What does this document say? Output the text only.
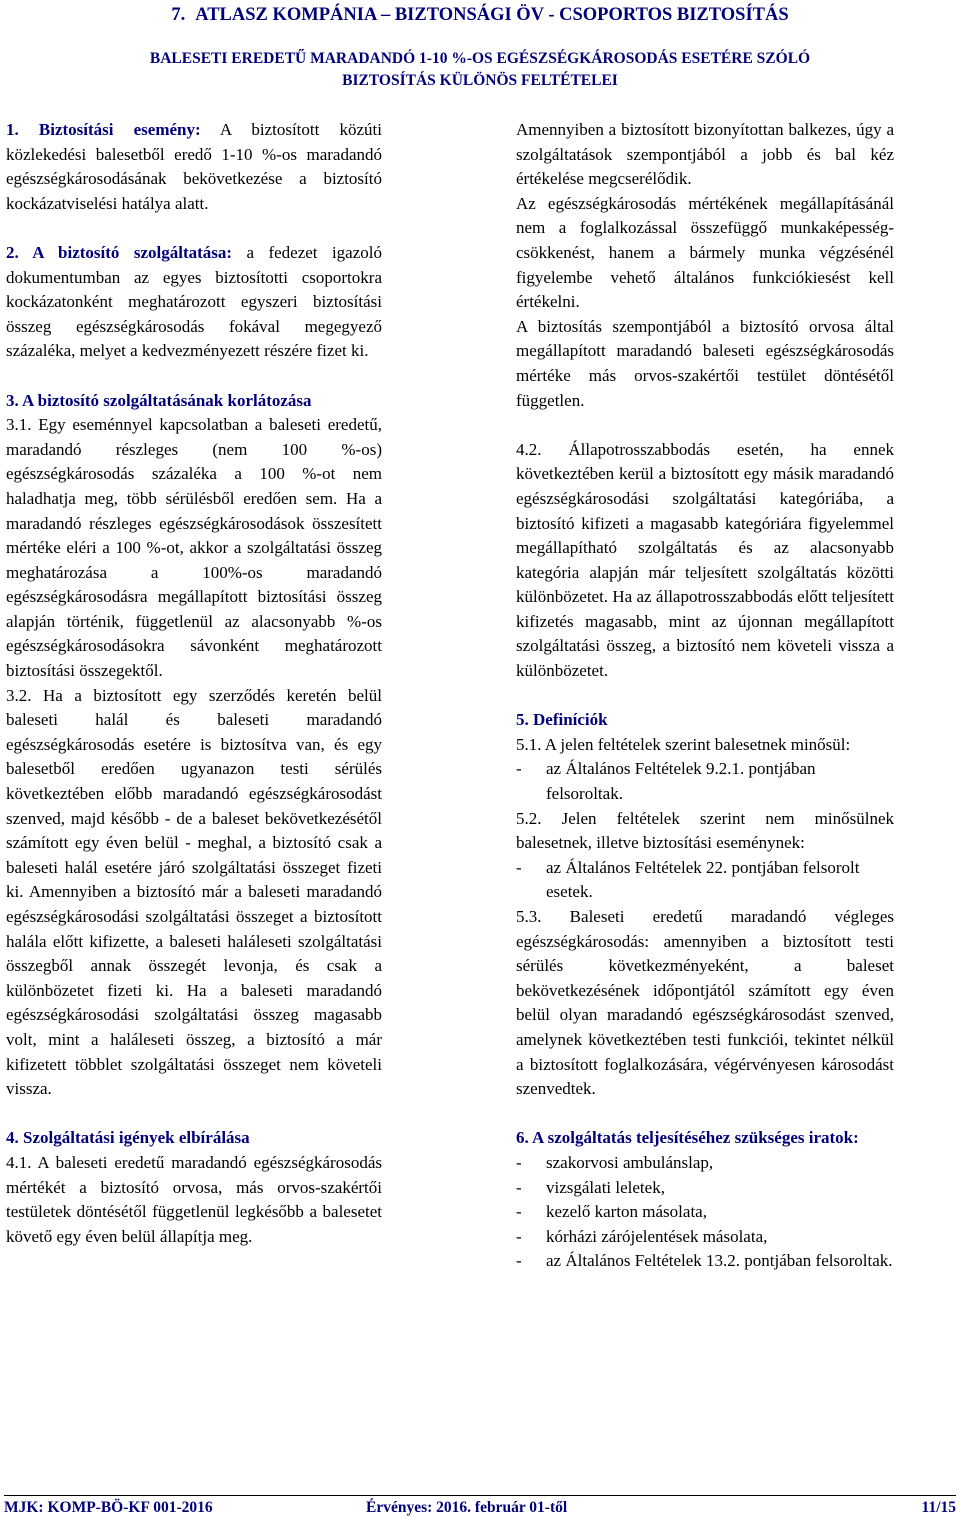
7. ATLASZ KOMPÁNIA – BIZTONSÁGI ÖV - CSOPORTOS BIZTOSÍTÁS
BALESETI EREDETŰ MARADANDÓ 1-10 %-OS EGÉSZSÉGKÁROSODÁS ESETÉRE SZÓLÓ
BIZTOSÍTÁS KÜLÖNÖS FELTÉTELEI

1. Biztosítási esemény: A biztosított közúti közlekedési balesetből eredő 1-10 %-os maradandó egészségkárosodásának bekövetkezése a biztosító kockázatviselési hatálya alatt.

2. A biztosító szolgáltatása: a fedezet igazoló dokumentumban az egyes biztosítotti csoportokra kockázatonként meghatározott egyszeri biztosítási összeg egészségkárosodás fokával megegyező százaléka, melyet a kedvezményezett részére fizet ki.

3. A biztosító szolgáltatásának korlátozása

3.1. Egy eseménnyel kapcsolatban a baleseti eredetű, maradandó részleges (nem 100 %-os) egészségkárosodás százaléka a 100 %-ot nem haladhatja meg, több sérülésből eredően sem. Ha a maradandó részleges egészségkárosodások összesített mértéke eléri a 100 %-ot, akkor a szolgáltatási összeg meghatározása a 100%-os maradandó egészségkárosodásra megállapított biztosítási összeg alapján történik, függetlenül az alacsonyabb %-os egészségkárosodásokra sávonként meghatározott biztosítási összegektől.

3.2. Ha a biztosított egy szerződés keretén belül baleseti halál és baleseti maradandó egészségkárosodás esetére is biztosítva van, és egy balesetből eredően ugyanazon testi sérülés következtében előbb maradandó egészségkárosodást szenved, majd később - de a baleset bekövetkezésétől számított egy éven belül - meghal, a biztosító csak a baleseti halál esetére járó szolgáltatási összeget fizeti ki. Amennyiben a biztosító már a baleseti maradandó egészségkárosodási szolgáltatási összeget a biztosított halála előtt kifizette, a baleseti haláleseti szolgáltatási összegből annak összegét levonja, és csak a különbözetet fizeti ki. Ha a baleseti maradandó egészségkárosodási szolgáltatási összeg magasabb volt, mint a haláleseti összeg, a biztosító a már kifizetett többlet szolgáltatási összeget nem követeli vissza.

4. Szolgáltatási igények elbírálása

4.1. A baleseti eredetű maradandó egészségkárosodás mértékét a biztosító orvosa, más orvos-szakértői testületek döntésétől függetlenül legkésőbb a balesetet követő egy éven belül állapítja meg.

Amennyiben a biztosított bizonyítottan balkezes, úgy a szolgáltatások szempontjából a jobb és bal kéz értékelése megcserélődik.

Az egészségkárosodás mértékének megállapításánál nem a foglalkozással összefüggő munkaképesség-csökkenést, hanem a bármely munka végzésénél figyelembe vehető általános funkciókiesést kell értékelni.

A biztosítás szempontjából a biztosító orvosa által megállapított maradandó baleseti egészségkárosodás mértéke más orvos-szakértői testület döntésétől független.

4.2. Állapotrosszabbodás esetén, ha ennek következtében kerül a biztosított egy másik maradandó egészségkárosodási szolgáltatási kategóriába, a biztosító kifizeti a magasabb kategóriára figyelemmel megállapítható szolgáltatás és az alacsonyabb kategória alapján már teljesített szolgáltatás közötti különbözetet. Ha az állapotrosszabbodás előtt teljesített kifizetés magasabb, mint az újonnan megállapított szolgáltatási összeg, a biztosító nem követeli vissza a különbözetet.

5. Definíciók

5.1. A jelen feltételek szerint balesetnek minősül:

-	az Általános Feltételek 9.2.1. pontjában felsoroltak.

5.2. Jelen feltételek szerint nem minősülnek balesetnek, illetve biztosítási eseménynek:

-	az Általános Feltételek 22. pontjában felsorolt esetek.

5.3. Baleseti eredetű maradandó végleges egészségkárosodás: amennyiben a biztosított testi sérülés következményeként, a baleset bekövetkezésének időpontjától számított egy éven belül olyan maradandó egészségkárosodást szenved, amelynek következtében testi funkciói, tekintet nélkül a biztosított foglalkozására, végérvényesen károsodást szenvedtek.

6. A szolgáltatás teljesítéséhez szükséges iratok:

-	szakorvosi ambulánslap,
-	vizsgálati leletek,
-	kezelő karton másolata,
-	kórházi zárójelentések másolata,
-	az Általános Feltételek 13.2. pontjában felsoroltak.
MJK: KOMP-BÖ-KF 001-2016	Érvényes: 2016. február 01-től	11/15
